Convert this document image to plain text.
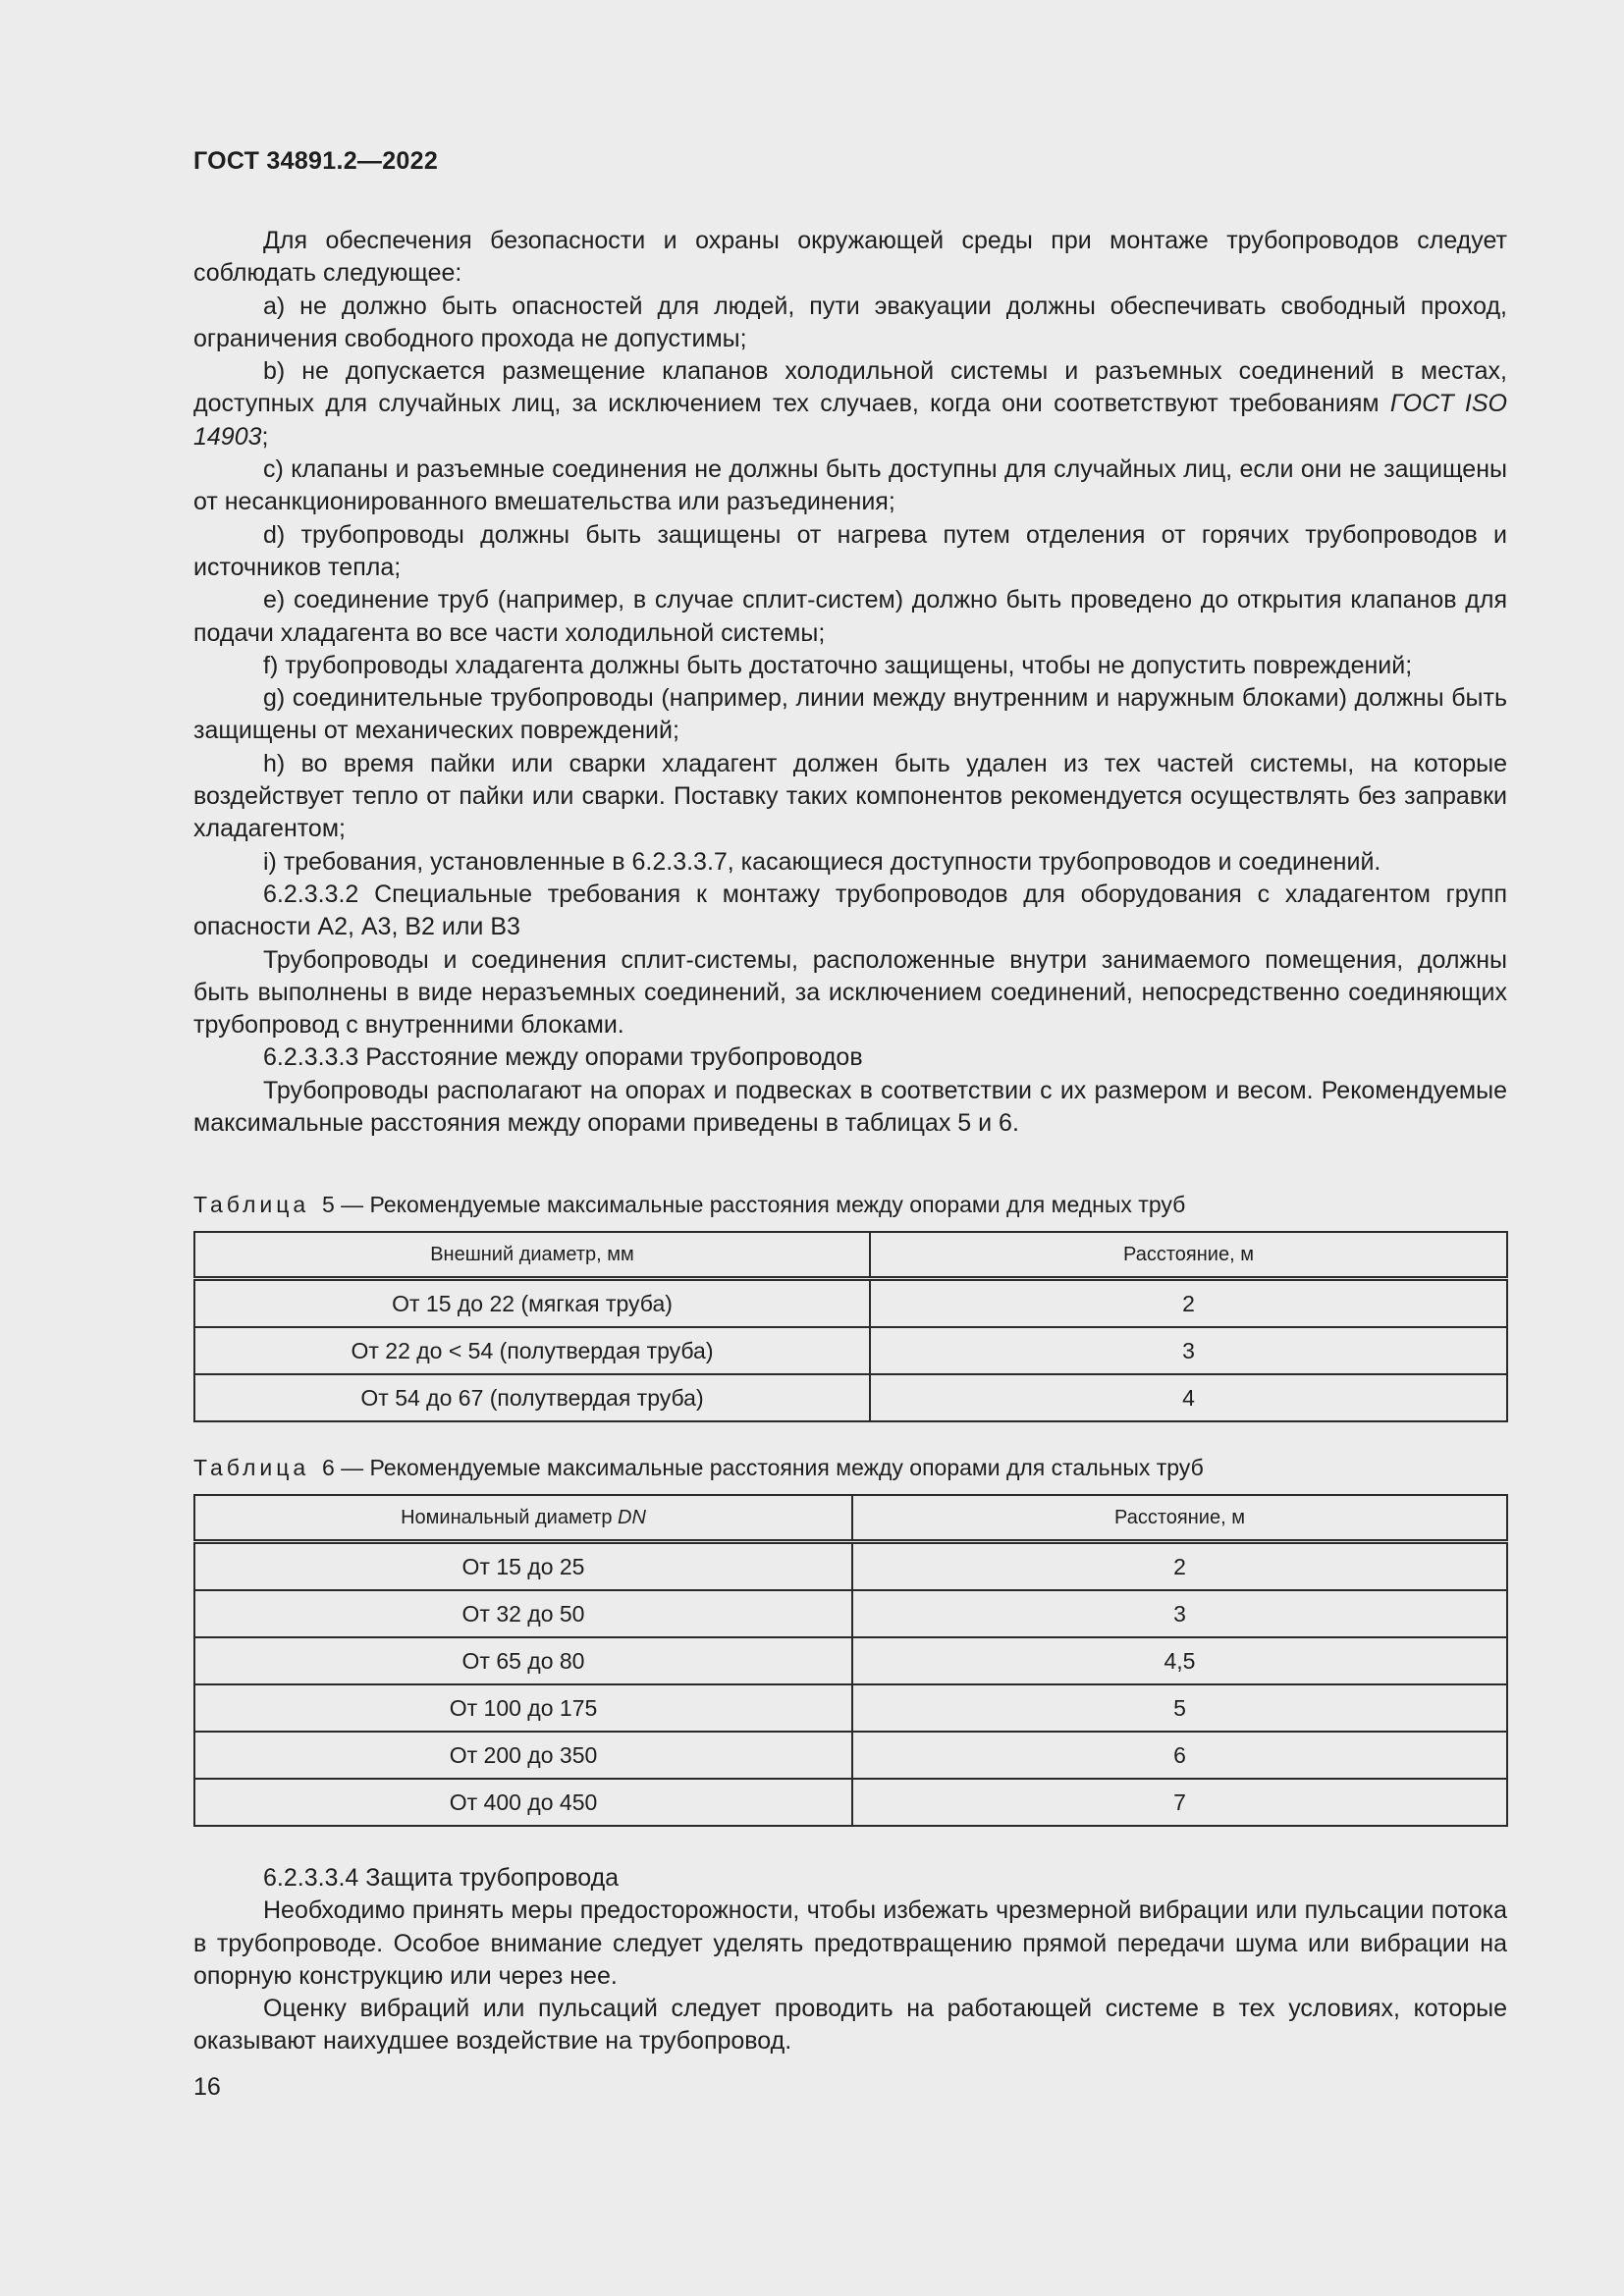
ГОСТ 34891.2—2022

Для обеспечения безопасности и охраны окружающей среды при монтаже трубопроводов следует соблюдать следующее:

a) не должно быть опасностей для людей, пути эвакуации должны обеспечивать свободный проход, ограничения свободного прохода не допустимы;

b) не допускается размещение клапанов холодильной системы и разъемных соединений в местах, доступных для случайных лиц, за исключением тех случаев, когда они соответствуют требованиям ГОСТ ISO 14903;

c) клапаны и разъемные соединения не должны быть доступны для случайных лиц, если они не защищены от несанкционированного вмешательства или разъединения;

d) трубопроводы должны быть защищены от нагрева путем отделения от горячих трубопроводов и источников тепла;

e) соединение труб (например, в случае сплит-систем) должно быть проведено до открытия клапанов для подачи хладагента во все части холодильной системы;

f) трубопроводы хладагента должны быть достаточно защищены, чтобы не допустить повреждений;

g) соединительные трубопроводы (например, линии между внутренним и наружным блоками) должны быть защищены от механических повреждений;

h) во время пайки или сварки хладагент должен быть удален из тех частей системы, на которые воздействует тепло от пайки или сварки. Поставку таких компонентов рекомендуется осуществлять без заправки хладагентом;

i) требования, установленные в 6.2.3.3.7, касающиеся доступности трубопроводов и соединений.

6.2.3.3.2 Специальные требования к монтажу трубопроводов для оборудования с хладагентом групп опасности А2, А3, В2 или В3

Трубопроводы и соединения сплит-системы, расположенные внутри занимаемого помещения, должны быть выполнены в виде неразъемных соединений, за исключением соединений, непосредственно соединяющих трубопровод с внутренними блоками.

6.2.3.3.3 Расстояние между опорами трубопроводов

Трубопроводы располагают на опорах и подвесках в соответствии с их размером и весом. Рекомендуемые максимальные расстояния между опорами приведены в таблицах 5 и 6.

Таблица 5 — Рекомендуемые максимальные расстояния между опорами для медных труб
Внешний диаметр, мм	Расстояние, м
От 15 до 22 (мягкая труба)	2
От 22 до < 54 (полутвердая труба)	3
От 54 до 67 (полутвердая труба)	4
Таблица 6 — Рекомендуемые максимальные расстояния между опорами для стальных труб
Номинальный диаметр DN	Расстояние, м
От 15 до 25	2
От 32 до 50	3
От 65 до 80	4,5
От 100 до 175	5
От 200 до 350	6
От 400 до 450	7

6.2.3.3.4 Защита трубопровода

Необходимо принять меры предосторожности, чтобы избежать чрезмерной вибрации или пульсации потока в трубопроводе. Особое внимание следует уделять предотвращению прямой передачи шума или вибрации на опорную конструкцию или через нее.

Оценку вибраций или пульсаций следует проводить на работающей системе в тех условиях, которые оказывают наихудшее воздействие на трубопровод.

16
